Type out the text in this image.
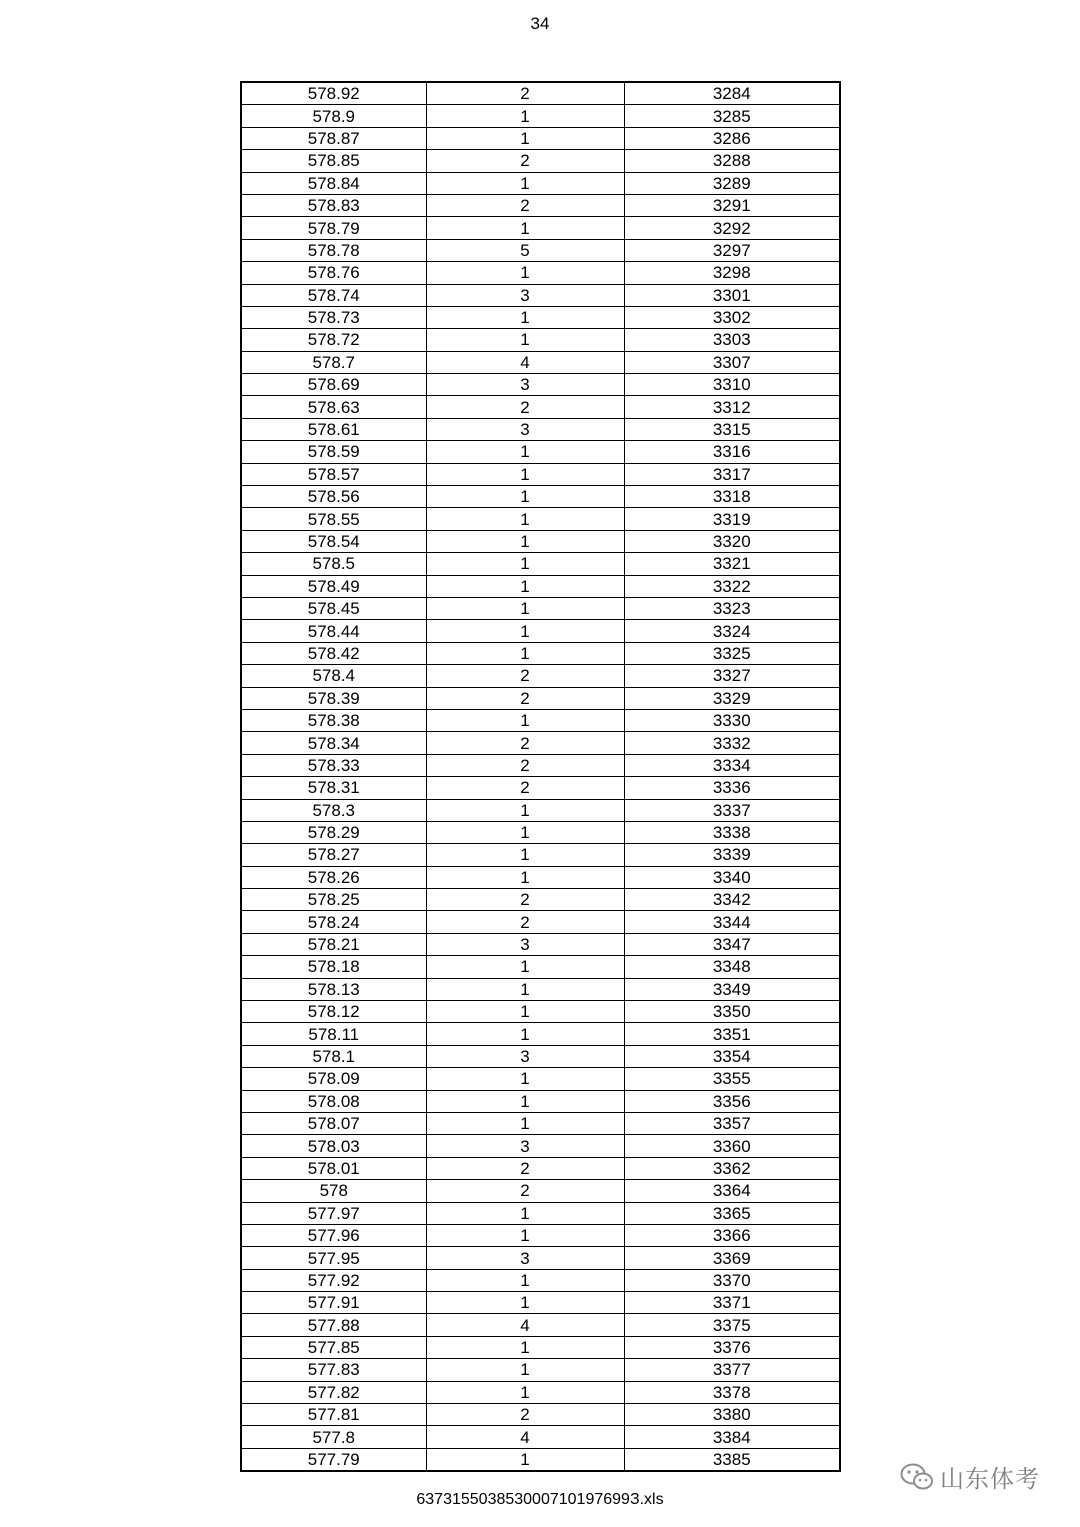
34
578.92	2	3284
578.9	1	3285
578.87	1	3286
578.85	2	3288
578.84	1	3289
578.83	2	3291
578.79	1	3292
578.78	5	3297
578.76	1	3298
578.74	3	3301
578.73	1	3302
578.72	1	3303
578.7	4	3307
578.69	3	3310
578.63	2	3312
578.61	3	3315
578.59	1	3316
578.57	1	3317
578.56	1	3318
578.55	1	3319
578.54	1	3320
578.5	1	3321
578.49	1	3322
578.45	1	3323
578.44	1	3324
578.42	1	3325
578.4	2	3327
578.39	2	3329
578.38	1	3330
578.34	2	3332
578.33	2	3334
578.31	2	3336
578.3	1	3337
578.29	1	3338
578.27	1	3339
578.26	1	3340
578.25	2	3342
578.24	2	3344
578.21	3	3347
578.18	1	3348
578.13	1	3349
578.12	1	3350
578.11	1	3351
578.1	3	3354
578.09	1	3355
578.08	1	3356
578.07	1	3357
578.03	3	3360
578.01	2	3362
578	2	3364
577.97	1	3365
577.96	1	3366
577.95	3	3369
577.92	1	3370
577.91	1	3371
577.88	4	3375
577.85	1	3376
577.83	1	3377
577.82	1	3378
577.81	2	3380
577.8	4	3384
577.79	1	3385
山东体考
637315503853000710197699З.xls
